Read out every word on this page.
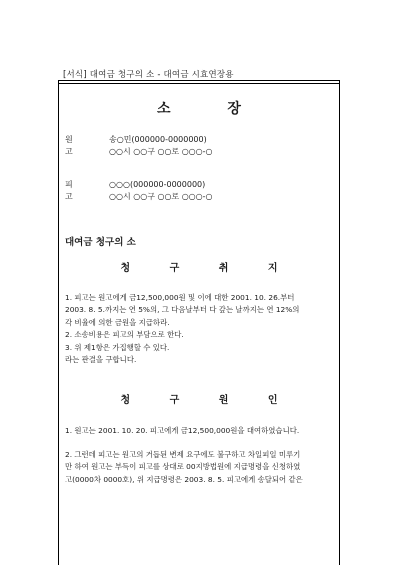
[서식] 대여금 청구의 소 - 대여금 시효연장용
소 장
원 고
송○민(000000-0000000)
○○시 ○○구 ○○로 ○○○-○
피 고
○○○(000000-0000000)
○○시 ○○구 ○○로 ○○○-○
대여금 청구의 소
청 구 취 지
1. 피고는 원고에게 금12,500,000원 및 이에 대한 2001. 10. 26.부터
2003. 8. 5.까지는 연 5%의, 그 다음날부터 다 갚는 날까지는 연 12%의
각 비율에 의한 금원을 지급하라.
2. 소송비용은 피고의 부담으로 한다.
3. 위 제1항은 가집행할 수 있다.
라는 판결을 구합니다.
청 구 원 인
1. 원고는 2001. 10. 20. 피고에게 금12,500,000원을 대여하였습니다.
2. 그런데 피고는 원고의 거듭된 변제 요구에도 불구하고 차일피일 미루기
만 하여 원고는 부득이 피고를 상대로 00지방법원에 지급명령을 신청하였
고(0000차 0000호), 위 지급명령은 2003. 8. 5. 피고에게 송달되어 같은
